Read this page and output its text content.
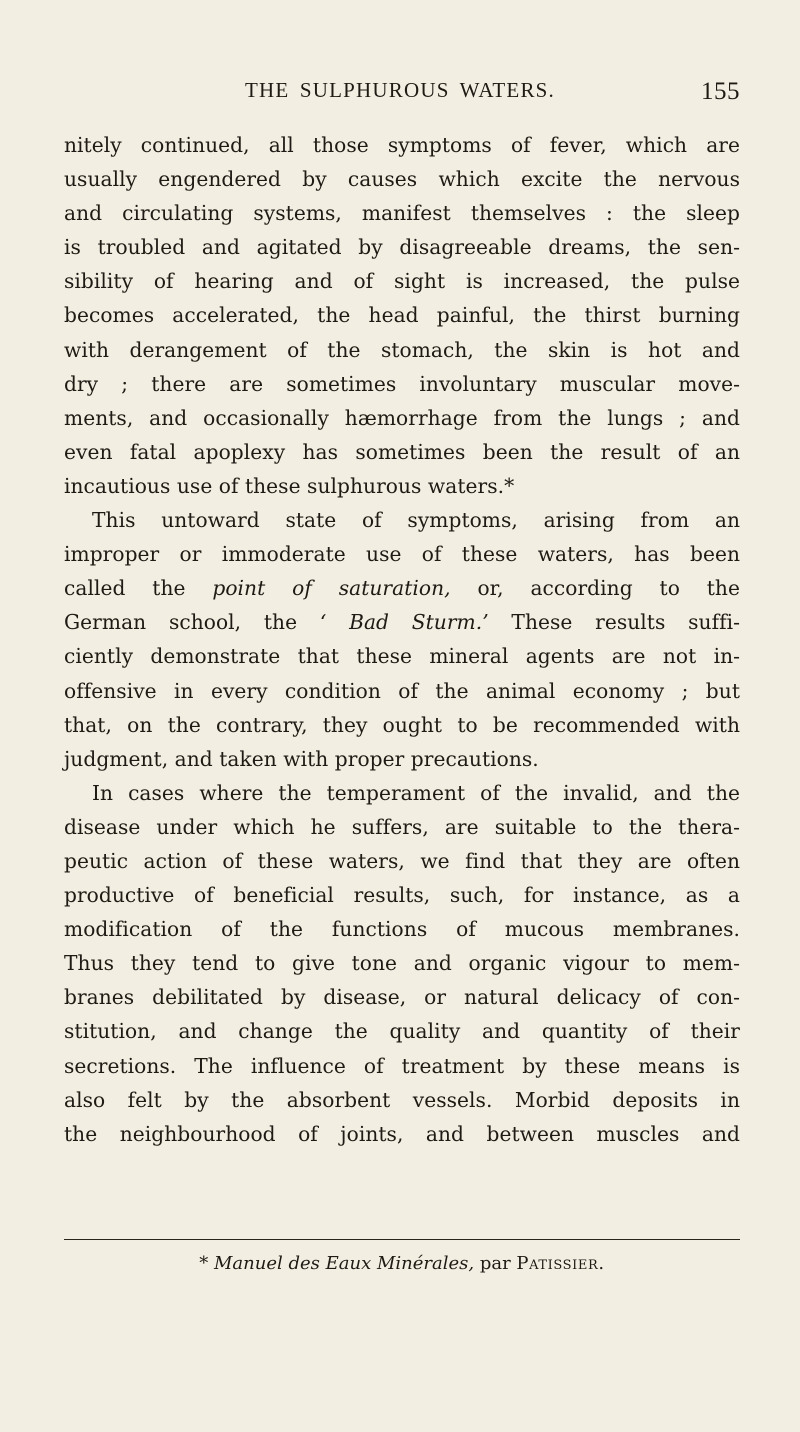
THE SULPHUROUS WATERS.	155
nitely continued, all those symptoms of fever, which are
usually engendered by causes which excite the nervous
and circulating systems, manifest themselves : the sleep
is troubled and agitated by disagreeable dreams, the sen-
sibility of hearing and of sight is increased, the pulse
becomes accelerated, the head painful, the thirst burning
with derangement of the stomach, the skin is hot and
dry ; there are sometimes involuntary muscular move-
ments, and occasionally hæmorrhage from the lungs ; and
even fatal apoplexy has sometimes been the result of an
incautious use of these sulphurous waters.*
This untoward state of symptoms, arising from an
improper or immoderate use of these waters, has been
called the point of saturation, or, according to the
German school, the ‘ Bad Sturm.’ These results suffi-
ciently demonstrate that these mineral agents are not in-
offensive in every condition of the animal economy ; but
that, on the contrary, they ought to be recommended with
judgment, and taken with proper precautions.
In cases where the temperament of the invalid, and the
disease under which he suffers, are suitable to the thera-
peutic action of these waters, we find that they are often
productive of beneficial results, such, for instance, as a
modification of the functions of mucous membranes.
Thus they tend to give tone and organic vigour to mem-
branes debilitated by disease, or natural delicacy of con-
stitution, and change the quality and quantity of their
secretions. The influence of treatment by these means is
also felt by the absorbent vessels. Morbid deposits in
the neighbourhood of joints, and between muscles and
* Manuel des Eaux Minérales, par Patissier.
